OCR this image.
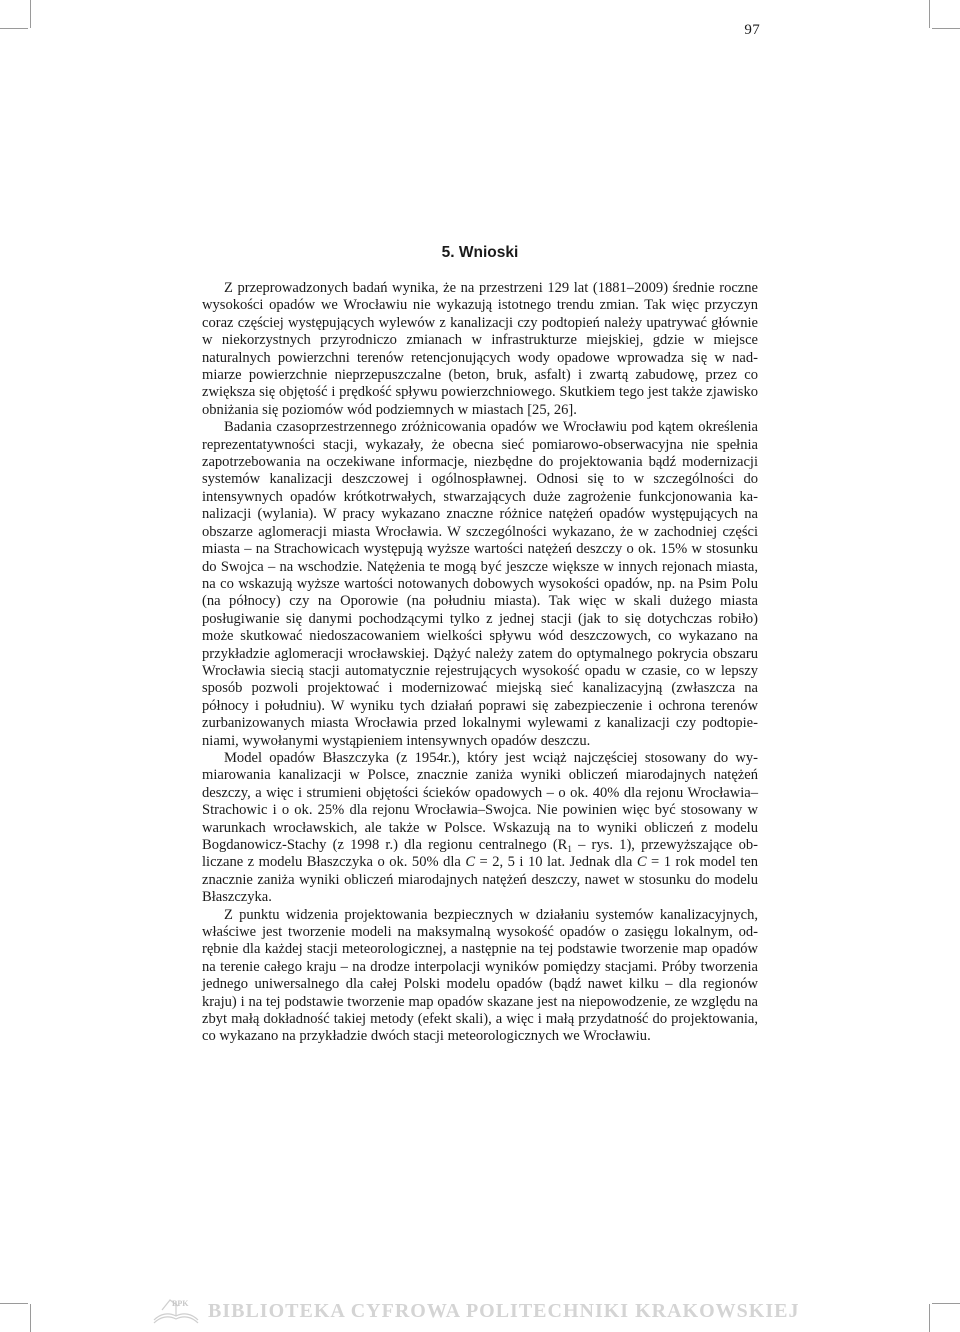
97
5. Wnioski

Z przeprowadzonych badań wynika, że na przestrzeni 129 lat (1881–2009) średnie roczne wysokości opadów we Wrocławiu nie wykazują istotnego trendu zmian. Tak więc przyczyn coraz częściej występujących wylewów z kanalizacji czy podtopień należy upatrywać głównie w niekorzystnych przyrodniczo zmianach w infrastrukturze miejskiej, gdzie w miejsce naturalnych powierzchni terenów retencjonujących wody opadowe wprowadza się w nadmiarze powierzchnie nieprzepuszczalne (beton, bruk, asfalt) i zwartą zabudowę, przez co zwiększa się objętość i prędkość spływu powierzchniowego. Skutkiem tego jest także zjawisko obniżania się poziomów wód podziemnych w miastach [25, 26].

Badania czasoprzestrzennego zróżnicowania opadów we Wrocławiu pod kątem określenia reprezentatywności stacji, wykazały, że obecna sieć pomiarowo-obserwacyjna nie spełnia zapotrzebowania na oczekiwane informacje, niezbędne do projektowania bądź modernizacji systemów kanalizacji deszczowej i ogólnospławnej. Odnosi się to w szczególności do intensywnych opadów krótkotrwałych, stwarzających duże zagrożenie funkcjonowania kanalizacji (wylania). W pracy wykazano znaczne różnice natężeń opadów występujących na obszarze aglomeracji miasta Wrocławia. W szczególności wykazano, że w zachodniej części miasta – na Strachowicach występują wyższe wartości natężeń deszczy o ok. 15% w stosunku do Swojca – na wschodzie. Natężenia te mogą być jeszcze większe w innych rejonach miasta, na co wskazują wyższe wartości notowanych dobowych wysokości opadów, np. na Psim Polu (na północy) czy na Oporowie (na południu miasta). Tak więc w skali dużego miasta posługiwanie się danymi pochodzącymi tylko z jednej stacji (jak to się dotychczas robiło) może skutkować niedoszacowaniem wielkości spływu wód deszczowych, co wykazano na przykładzie aglomeracji wrocławskiej. Dążyć należy zatem do optymalnego pokrycia obszaru Wrocławia siecią stacji automatycznie rejestrujących wysokość opadu w czasie, co w lepszy sposób pozwoli projektować i modernizować miejską sieć kanalizacyjną (zwłaszcza na północy i południu). W wyniku tych działań poprawi się zabezpieczenie i ochrona terenów zurbanizowanych miasta Wrocławia przed lokalnymi wylewami z kanalizacji czy podtopieniami, wywołanymi wystąpieniem intensywnych opadów deszczu.

Model opadów Błaszczyka (z 1954r.), który jest wciąż najczęściej stosowany do wymiarowania kanalizacji w Polsce, znacznie zaniża wyniki obliczeń miarodajnych natężeń deszczy, a więc i strumieni objętości ścieków opadowych – o ok. 40% dla rejonu Wrocławia–Strachowic i o ok. 25% dla rejonu Wrocławia–Swojca. Nie powinien więc być stosowany w warunkach wrocławskich, ale także w Polsce. Wskazują na to wyniki obliczeń z modelu Bogdanowicz-Stachy (z 1998 r.) dla regionu centralnego ($R_1$ – rys. 1), przewyższające obliczane z modelu Błaszczyka o ok. 50% dla C = 2, 5 i 10 lat. Jednak dla C = 1 rok model ten znacznie zaniża wyniki obliczeń miarodajnych natężeń deszczy, nawet w stosunku do modelu Błaszczyka.

Z punktu widzenia projektowania bezpiecznych w działaniu systemów kanalizacyjnych, właściwe jest tworzenie modeli na maksymalną wysokość opadów o zasięgu lokalnym, odrębnie dla każdej stacji meteorologicznej, a następnie na tej podstawie tworzenie map opadów na terenie całego kraju – na drodze interpolacji wyników pomiędzy stacjami. Próby tworzenia jednego uniwersalnego dla całej Polski modelu opadów (bądź nawet kilku – dla regionów kraju) i na tej podstawie tworzenie map opadów skazane jest na niepowodzenie, ze względu na zbyt małą dokładność takiej metody (efekt skali), a więc i małą przydatność do projektowania, co wykazano na przykładzie dwóch stacji meteorologicznych we Wrocławiu.

BPK BIBLIOTEKA CYFROWA POLITECHNIKI KRAKOWSKIEJ
